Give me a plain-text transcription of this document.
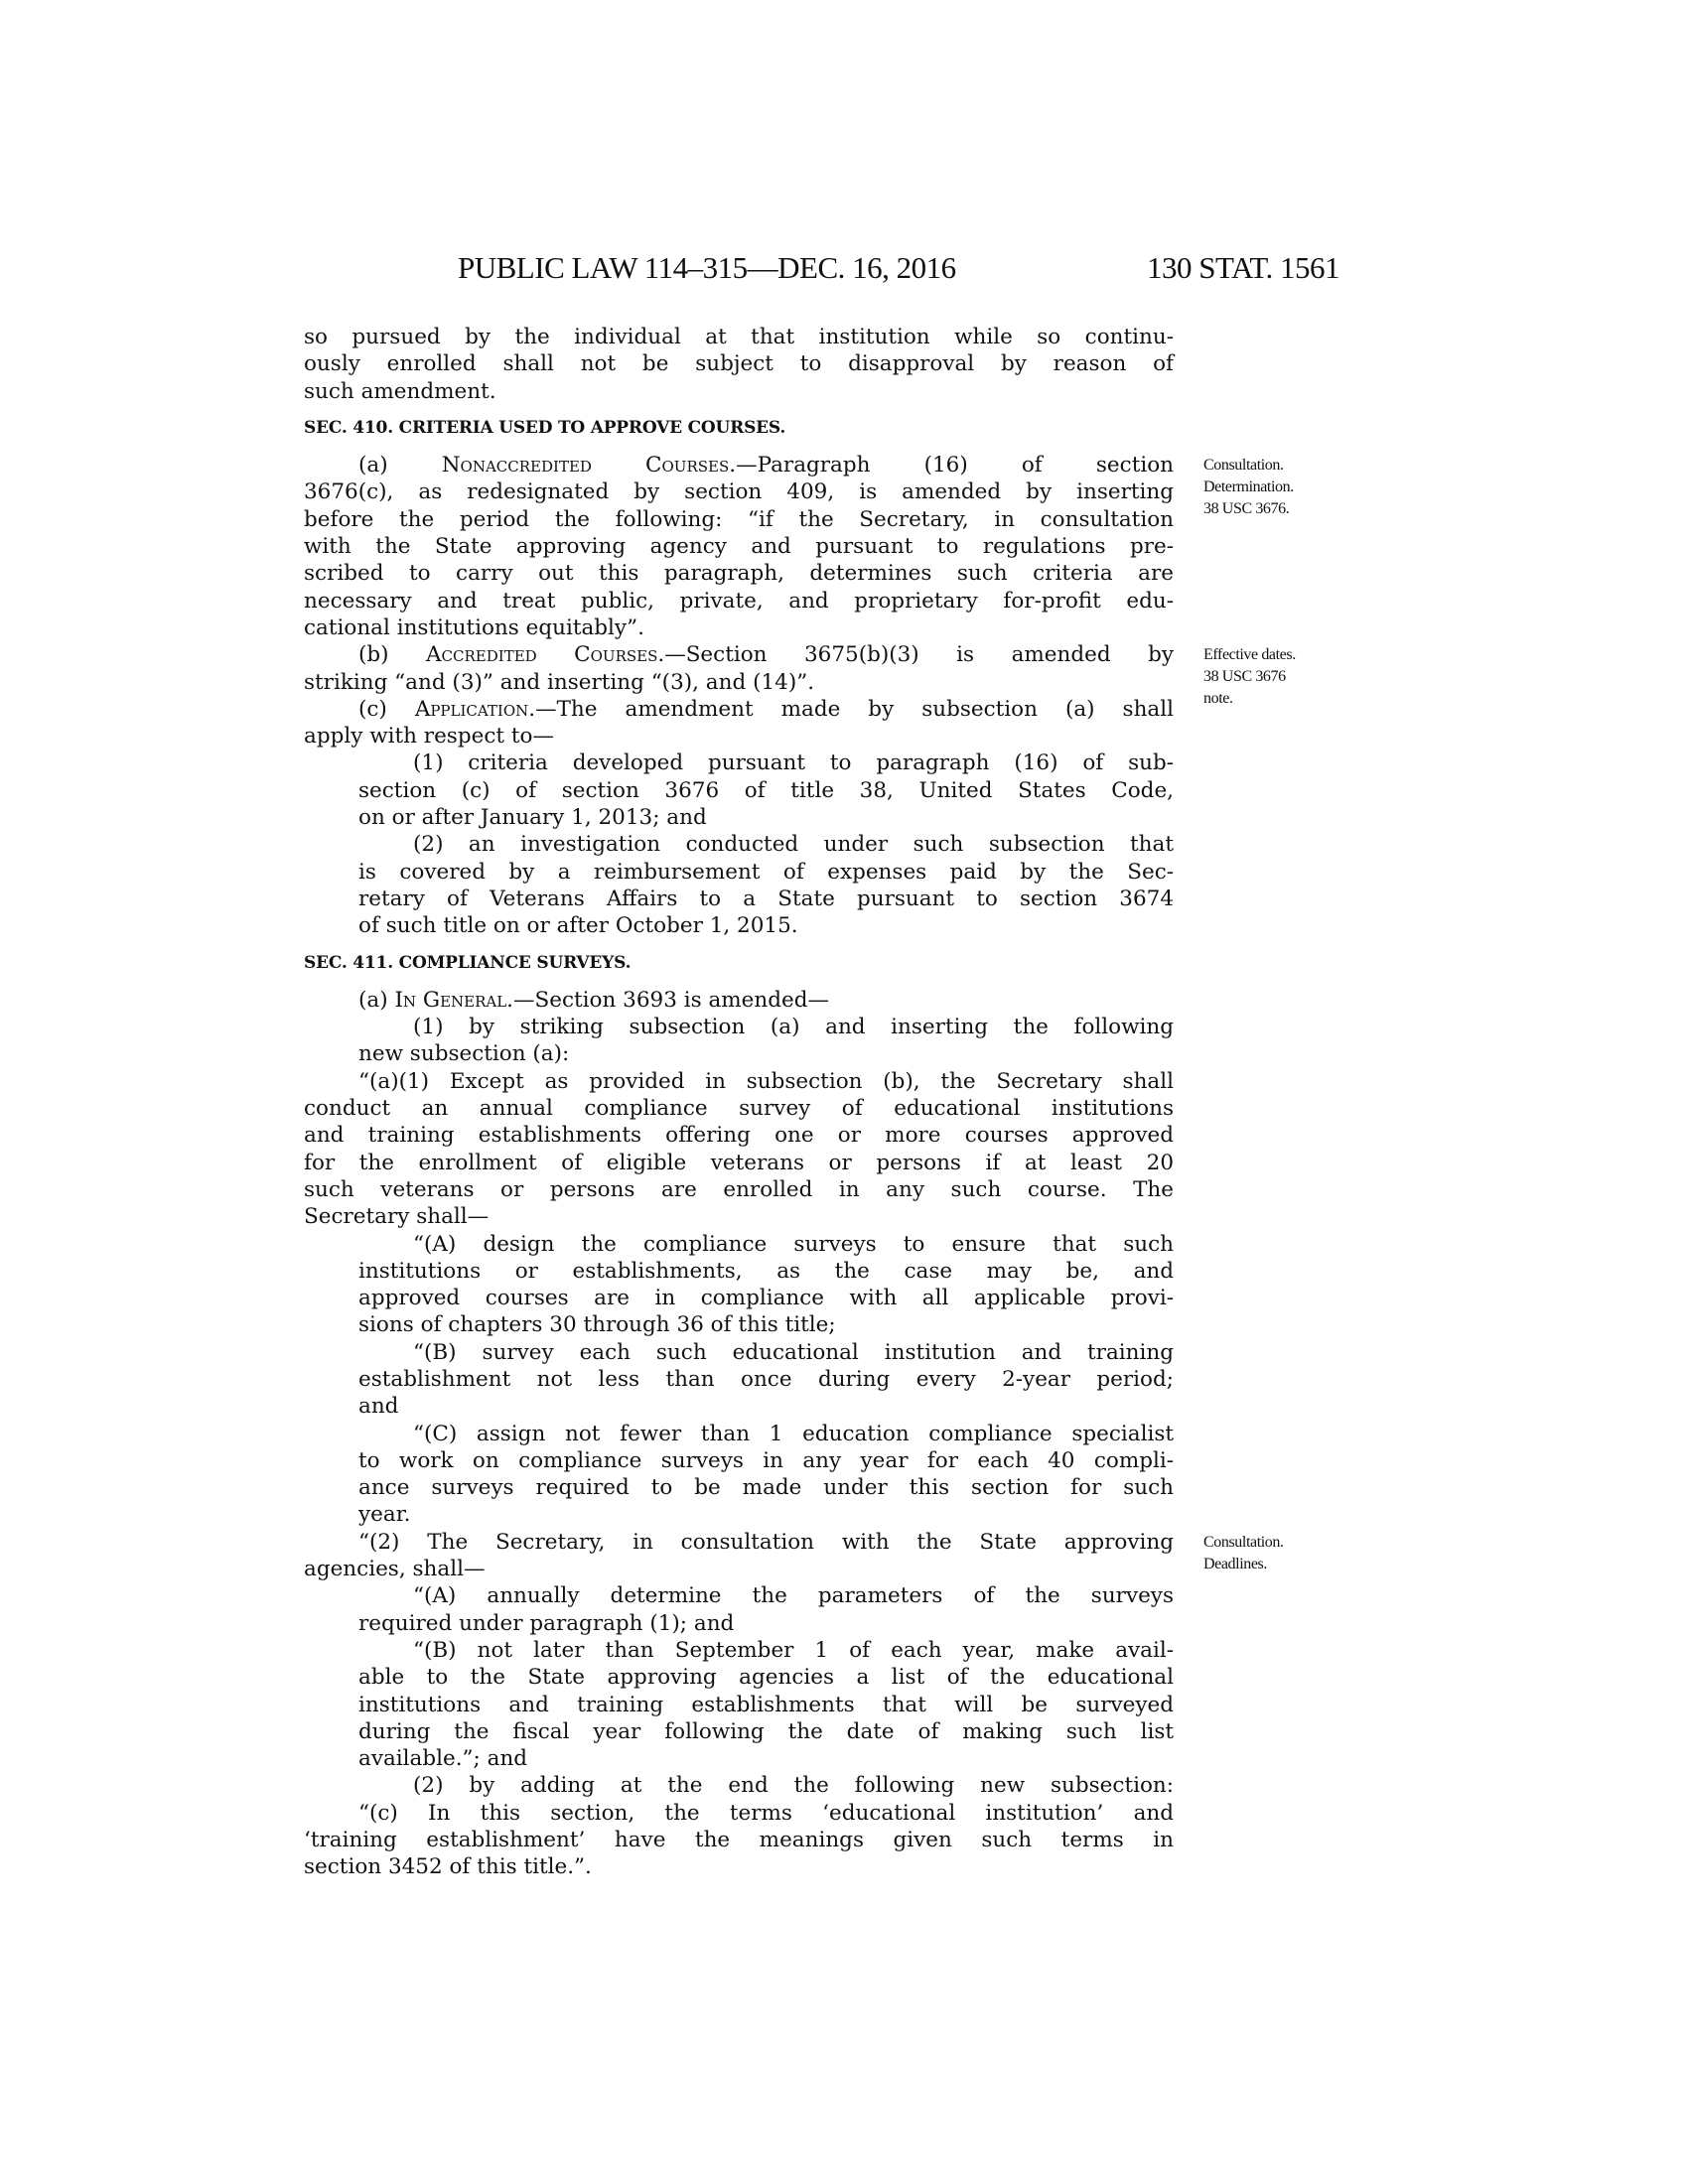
PUBLIC LAW 114–315—DEC. 16, 2016	130 STAT. 1561
so pursued by the individual at that institution while so continu-
ously enrolled shall not be subject to disapproval by reason of
such amendment.
SEC. 410. CRITERIA USED TO APPROVE COURSES.
(a) Nonaccredited Courses.—Paragraph (16) of section Consultation.
Determination.
38 USC 3676.
3676(c), as redesignated by section 409, is amended by inserting
before the period the following: “if the Secretary, in consultation
with the State approving agency and pursuant to regulations pre-
scribed to carry out this paragraph, determines such criteria are
necessary and treat public, private, and proprietary for-profit edu-
cational institutions equitably”.
(b) Accredited Courses.—Section 3675(b)(3) is amended by Effective dates.
38 USC 3676
note.
striking “and (3)” and inserting “(3), and (14)”.
(c) Application.—The amendment made by subsection (a) shall
apply with respect to—
(1) criteria developed pursuant to paragraph (16) of sub-
section (c) of section 3676 of title 38, United States Code,
on or after January 1, 2013; and
(2) an investigation conducted under such subsection that
is covered by a reimbursement of expenses paid by the Sec-
retary of Veterans Affairs to a State pursuant to section 3674
of such title on or after October 1, 2015.
SEC. 411. COMPLIANCE SURVEYS.
(a) In General.—Section 3693 is amended—
(1) by striking subsection (a) and inserting the following
new subsection (a):
“(a)(1) Except as provided in subsection (b), the Secretary shall
conduct an annual compliance survey of educational institutions
and training establishments offering one or more courses approved
for the enrollment of eligible veterans or persons if at least 20
such veterans or persons are enrolled in any such course. The
Secretary shall—
“(A) design the compliance surveys to ensure that such
institutions or establishments, as the case may be, and
approved courses are in compliance with all applicable provi-
sions of chapters 30 through 36 of this title;
“(B) survey each such educational institution and training
establishment not less than once during every 2-year period;
and
“(C) assign not fewer than 1 education compliance specialist
to work on compliance surveys in any year for each 40 compli-
ance surveys required to be made under this section for such
year.
“(2) The Secretary, in consultation with the State approving Consultation.
Deadlines.
agencies, shall—
“(A) annually determine the parameters of the surveys
required under paragraph (1); and
“(B) not later than September 1 of each year, make avail-
able to the State approving agencies a list of the educational
institutions and training establishments that will be surveyed
during the fiscal year following the date of making such list
available.”; and
(2) by adding at the end the following new subsection:
“(c) In this section, the terms ‘educational institution’ and
‘training establishment’ have the meanings given such terms in
section 3452 of this title.”.
